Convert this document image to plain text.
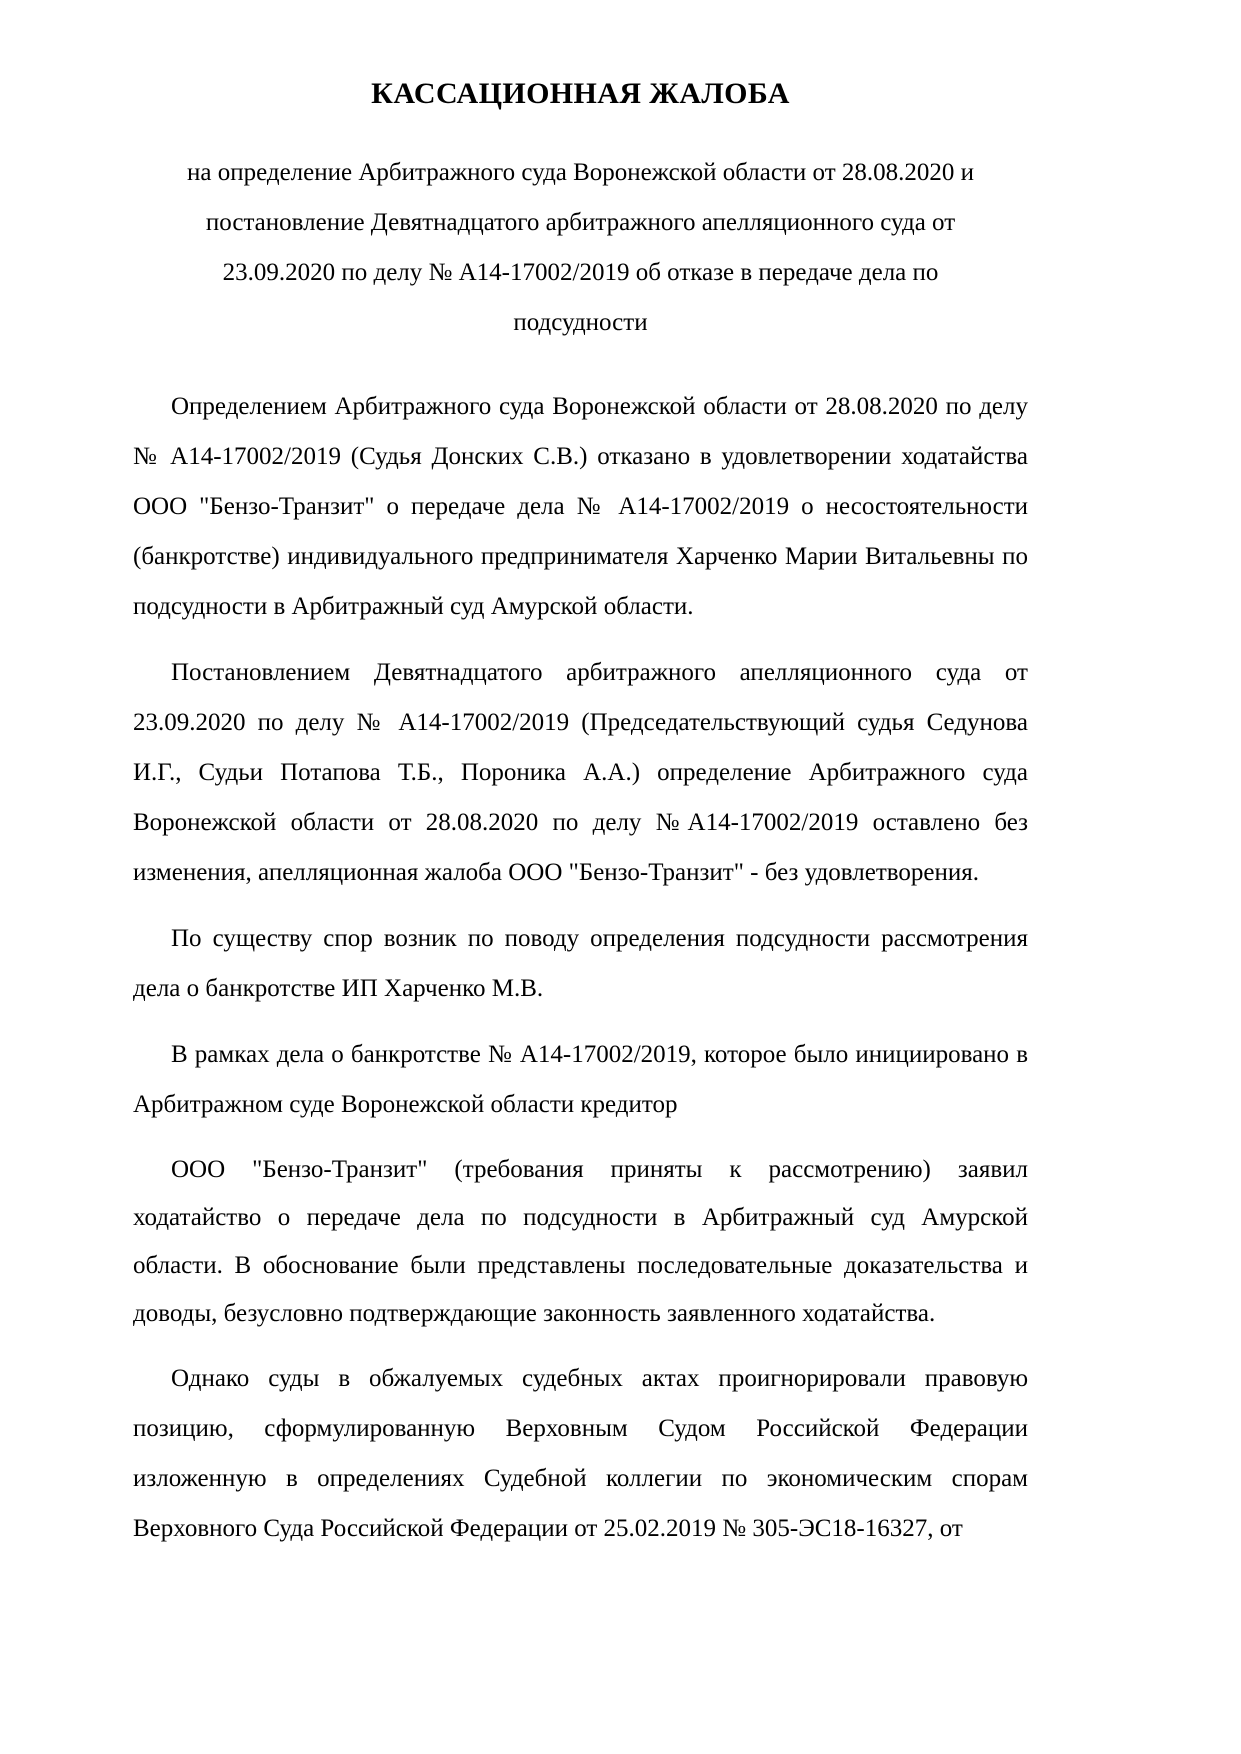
КАССАЦИОННАЯ ЖАЛОБА
на определение Арбитражного суда Воронежской области от 28.08.2020 и
постановление Девятнадцатого арбитражного апелляционного суда от
23.09.2020 по делу № А14-17002/2019 об отказе в передаче дела по
подсудности

Определением Арбитражного суда Воронежской области от 28.08.2020 по делу № А14-17002/2019 (Судья Донских С.В.) отказано в удовлетворении ходатайства ООО "Бензо-Транзит" о передаче дела № А14-17002/2019 о несостоятельности (банкротстве) индивидуального предпринимателя Харченко Марии Витальевны по подсудности в Арбитражный суд Амурской области.

Постановлением Девятнадцатого арбитражного апелляционного суда от 23.09.2020 по делу № А14-17002/2019 (Председательствующий судья Седунова И.Г., Судьи Потапова Т.Б., Пороника А.А.) определение Арбитражного суда Воронежской области от 28.08.2020 по делу №А14-17002/2019 оставлено без изменения, апелляционная жалоба ООО "Бензо-Транзит" - без удовлетворения.

По существу спор возник по поводу определения подсудности рассмотрения дела о банкротстве ИП Харченко М.В.

В рамках дела о банкротстве № А14-17002/2019, которое было инициировано в Арбитражном суде Воронежской области кредитор

ООО "Бензо-Транзит" (требования приняты к рассмотрению) заявил ходатайство о передаче дела по подсудности в Арбитражный суд Амурской области. В обоснование были представлены последовательные доказательства и доводы, безусловно подтверждающие законность заявленного ходатайства.

Однако суды в обжалуемых судебных актах проигнорировали правовую позицию, сформулированную Верховным Судом Российской Федерации изложенную в определениях Судебной коллегии по экономическим спорам Верховного Суда Российской Федерации от 25.02.2019 № 305-ЭС18-16327, от
